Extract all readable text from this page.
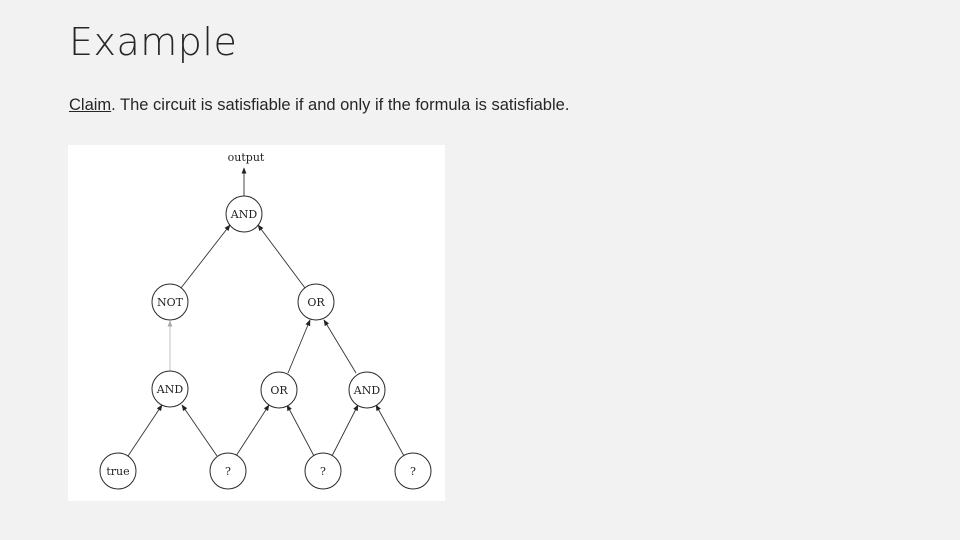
Example
Claim. The circuit is satisfiable if and only if the formula is satisfiable.
output
AND
NOT	OR
AND	OR	AND
true	?	?	?
